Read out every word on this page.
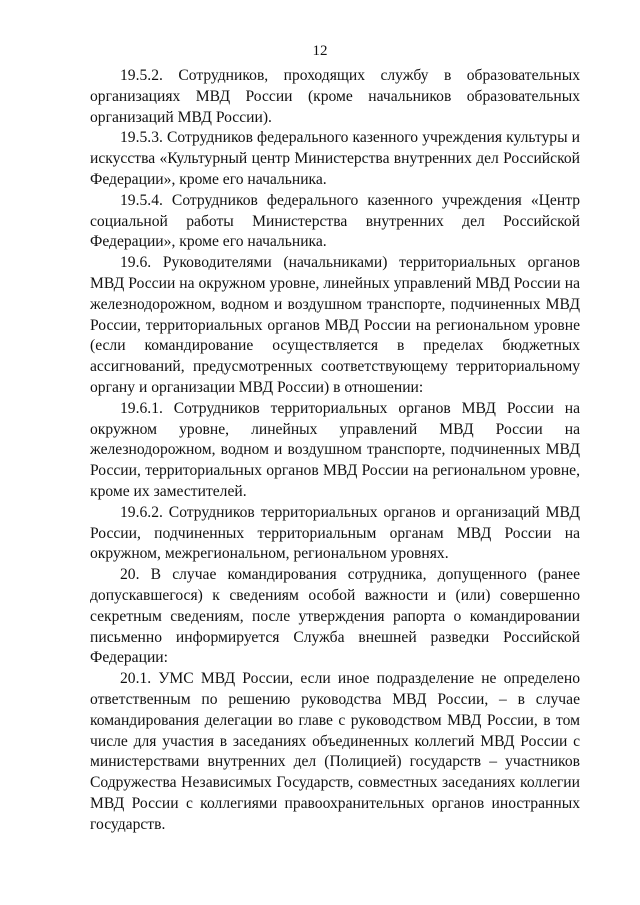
12

19.5.2. Сотрудников, проходящих службу в образовательных организациях МВД России (кроме начальников образовательных организаций МВД России).

19.5.3. Сотрудников федерального казенного учреждения культуры и искусства «Культурный центр Министерства внутренних дел Российской Федерации», кроме его начальника.

19.5.4. Сотрудников федерального казенного учреждения «Центр социальной работы Министерства внутренних дел Российской Федерации», кроме его начальника.

19.6. Руководителями (начальниками) территориальных органов МВД России на окружном уровне, линейных управлений МВД России на железнодорожном, водном и воздушном транспорте, подчиненных МВД России, территориальных органов МВД России на региональном уровне (если командирование осуществляется в пределах бюджетных ассигнований, предусмотренных соответствующему территориальному органу и организации МВД России) в отношении:

19.6.1. Сотрудников территориальных органов МВД России на окружном уровне, линейных управлений МВД России на железнодорожном, водном и воздушном транспорте, подчиненных МВД России, территориальных органов МВД России на региональном уровне, кроме их заместителей.

19.6.2. Сотрудников территориальных органов и организаций МВД России, подчиненных территориальным органам МВД России на окружном, межрегиональном, региональном уровнях.

20. В случае командирования сотрудника, допущенного (ранее допускавшегося) к сведениям особой важности и (или) совершенно секретным сведениям, после утверждения рапорта о командировании письменно информируется Служба внешней разведки Российской Федерации:

20.1. УМС МВД России, если иное подразделение не определено ответственным по решению руководства МВД России, – в случае командирования делегации во главе с руководством МВД России, в том числе для участия в заседаниях объединенных коллегий МВД России с министерствами внутренних дел (Полицией) государств – участников Содружества Независимых Государств, совместных заседаниях коллегии МВД России с коллегиями правоохранительных органов иностранных государств.
